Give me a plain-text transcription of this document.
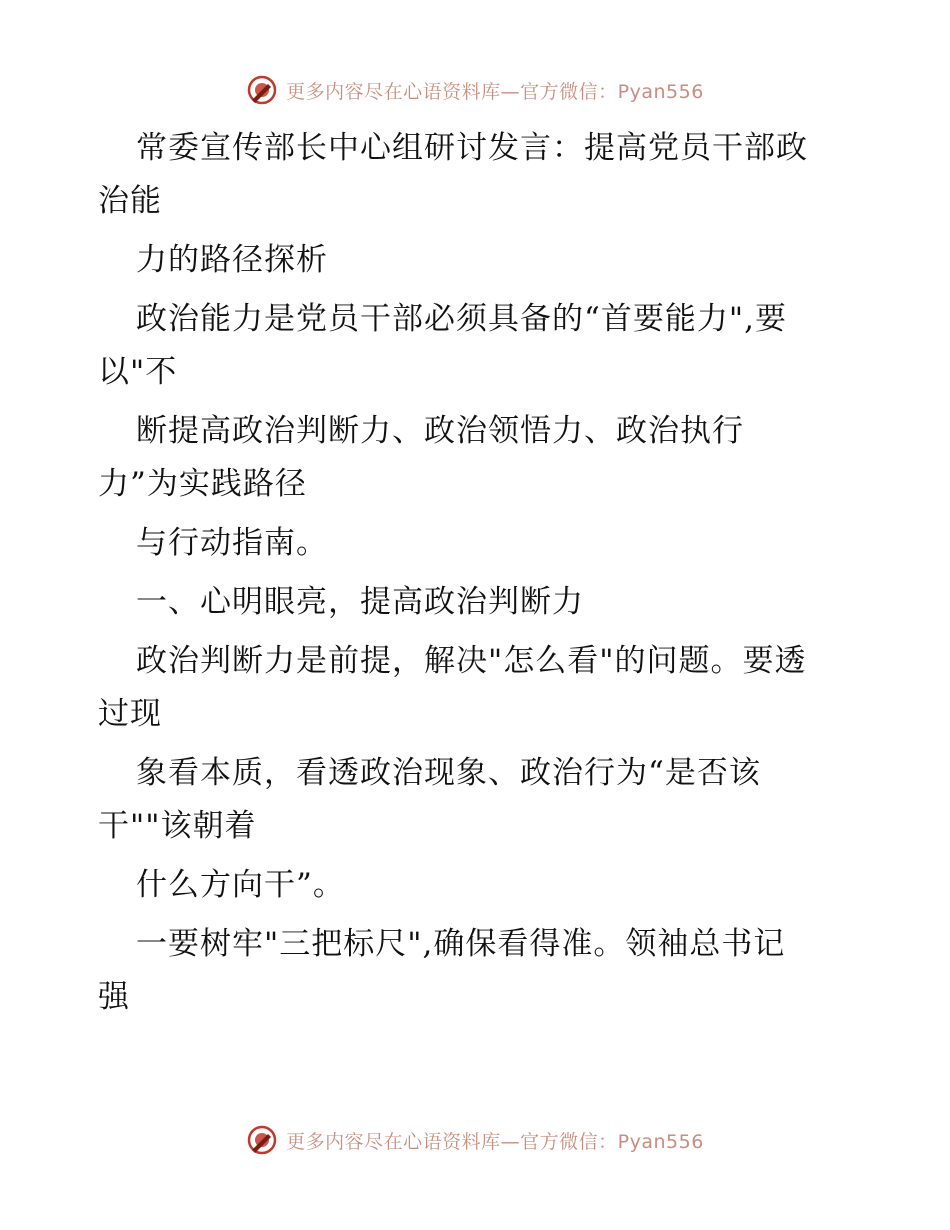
更多内容尽在心语资料库—官方微信：Pyan556
常委宣传部长中心组研讨发言：提高党员干部政
治能
力的路径探析
政治能力是党员干部必须具备的“首要能力",要
以"不
断提高政治判断力、政治领悟力、政治执行
力”为实践路径
与行动指南。
一、心明眼亮，提高政治判断力
政治判断力是前提，解决"怎么看"的问题。要透
过现
象看本质，看透政治现象、政治行为“是否该
干""该朝着
什么方向干”。
一要树牢"三把标尺",确保看得准。领袖总书记
强
更多内容尽在心语资料库—官方微信：Pyan556
